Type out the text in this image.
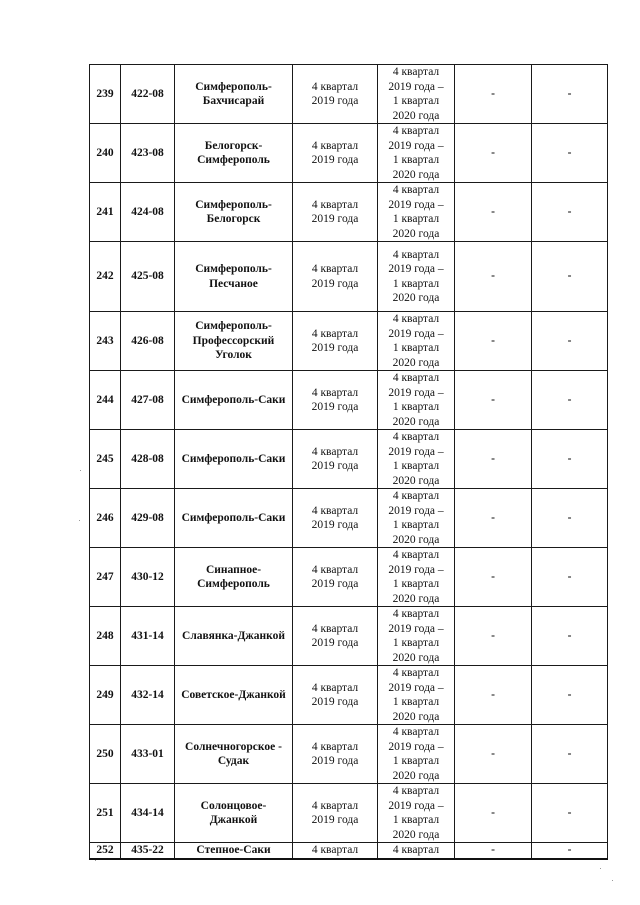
239	422-08	Симферополь-
Бахчисарай	4 квартал
2019 года	4 квартал
2019 года –
1 квартал
2020 года	-	-
240	423-08	Белогорск-
Симферополь	4 квартал
2019 года	4 квартал
2019 года –
1 квартал
2020 года	-	-
241	424-08	Симферополь-
Белогорск	4 квартал
2019 года	4 квартал
2019 года –
1 квартал
2020 года	-	-
242	425-08	Симферополь-
Песчаное	4 квартал
2019 года	4 квартал
2019 года –
1 квартал
2020 года	-	-
243	426-08	Симферополь-
Профессорский
Уголок	4 квартал
2019 года	4 квартал
2019 года –
1 квартал
2020 года	-	-
244	427-08	Симферополь-Саки	4 квартал
2019 года	4 квартал
2019 года –
1 квартал
2020 года	-	-
245	428-08	Симферополь-Саки	4 квартал
2019 года	4 квартал
2019 года –
1 квартал
2020 года	-	-
246	429-08	Симферополь-Саки	4 квартал
2019 года	4 квартал
2019 года –
1 квартал
2020 года	-	-
247	430-12	Синапное-
Симферополь	4 квартал
2019 года	4 квартал
2019 года –
1 квартал
2020 года	-	-
248	431-14	Славянка-Джанкой	4 квартал
2019 года	4 квартал
2019 года –
1 квартал
2020 года	-	-
249	432-14	Советское-Джанкой	4 квартал
2019 года	4 квартал
2019 года –
1 квартал
2020 года	-	-
250	433-01	Солнечногорское -
Судак	4 квартал
2019 года	4 квартал
2019 года –
1 квартал
2020 года	-	-
251	434-14	Солонцовое-
Джанкой	4 квартал
2019 года	4 квартал
2019 года –
1 квартал
2020 года	-	-
252	435-22	Степное-Саки	4 квартал	4 квартал	-	-
